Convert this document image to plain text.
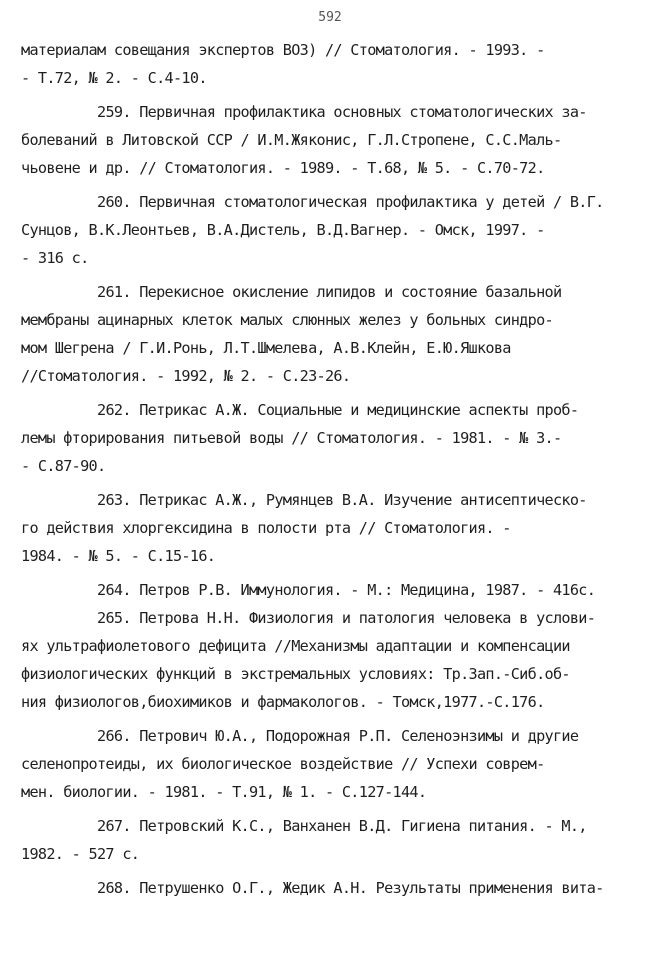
592
материалам совещания экспертов ВОЗ) // Стоматология. - 1993. -
- Т.72, № 2. - С.4-10.
259. Первичная профилактика основных стоматологических за-
болеваний в Литовской ССР / И.М.Жяконис, Г.Л.Стропене, С.С.Маль-
чьовене и др. // Стоматология. - 1989. - Т.68, № 5. - С.70-72.
260. Первичная стоматологическая профилактика у детей / В.Г.
Сунцов, В.К.Леонтьев, В.А.Дистель, В.Д.Вагнер. - Омск, 1997. -
- 316 с.
261. Перекисное окисление липидов и состояние базальной
мембраны ацинарных клеток малых слюнных желез у больных синдро-
мом Шегрена / Г.И.Ронь, Л.Т.Шмелева, А.В.Клейн, Е.Ю.Яшкова
//Стоматология. - 1992, № 2. - С.23-26.
262. Петрикас А.Ж. Социальные и медицинские аспекты проб-
лемы фторирования питьевой воды // Стоматология. - 1981. - № 3.-
- С.87-90.
263. Петрикас А.Ж., Румянцев В.А. Изучение антисептическо-
го действия хлоргексидина в полости рта // Стоматология. -
1984. - № 5. - С.15-16.
264. Петров Р.В. Иммунология. - М.: Медицина, 1987. - 416с.
265. Петрова Н.Н. Физиология и патология человека в услови-
ях ультрафиолетового дефицита //Механизмы адаптации и компенсации
физиологических функций в экстремальных условиях: Тр.Зап.-Сиб.об-
ния физиологов,биохимиков и фармакологов. - Томск,1977.-С.176.
266. Петрович Ю.А., Подорожная Р.П. Селеноэнзимы и другие
селенопротеиды, их биологическое воздействие // Успехи соврем-
мен. биологии. - 1981. - Т.91, № 1. - С.127-144.
267. Петровский К.С., Ванханен В.Д. Гигиена питания. - М.,
1982. - 527 с.
268. Петрушенко О.Г., Жедик А.Н. Результаты применения вита-
